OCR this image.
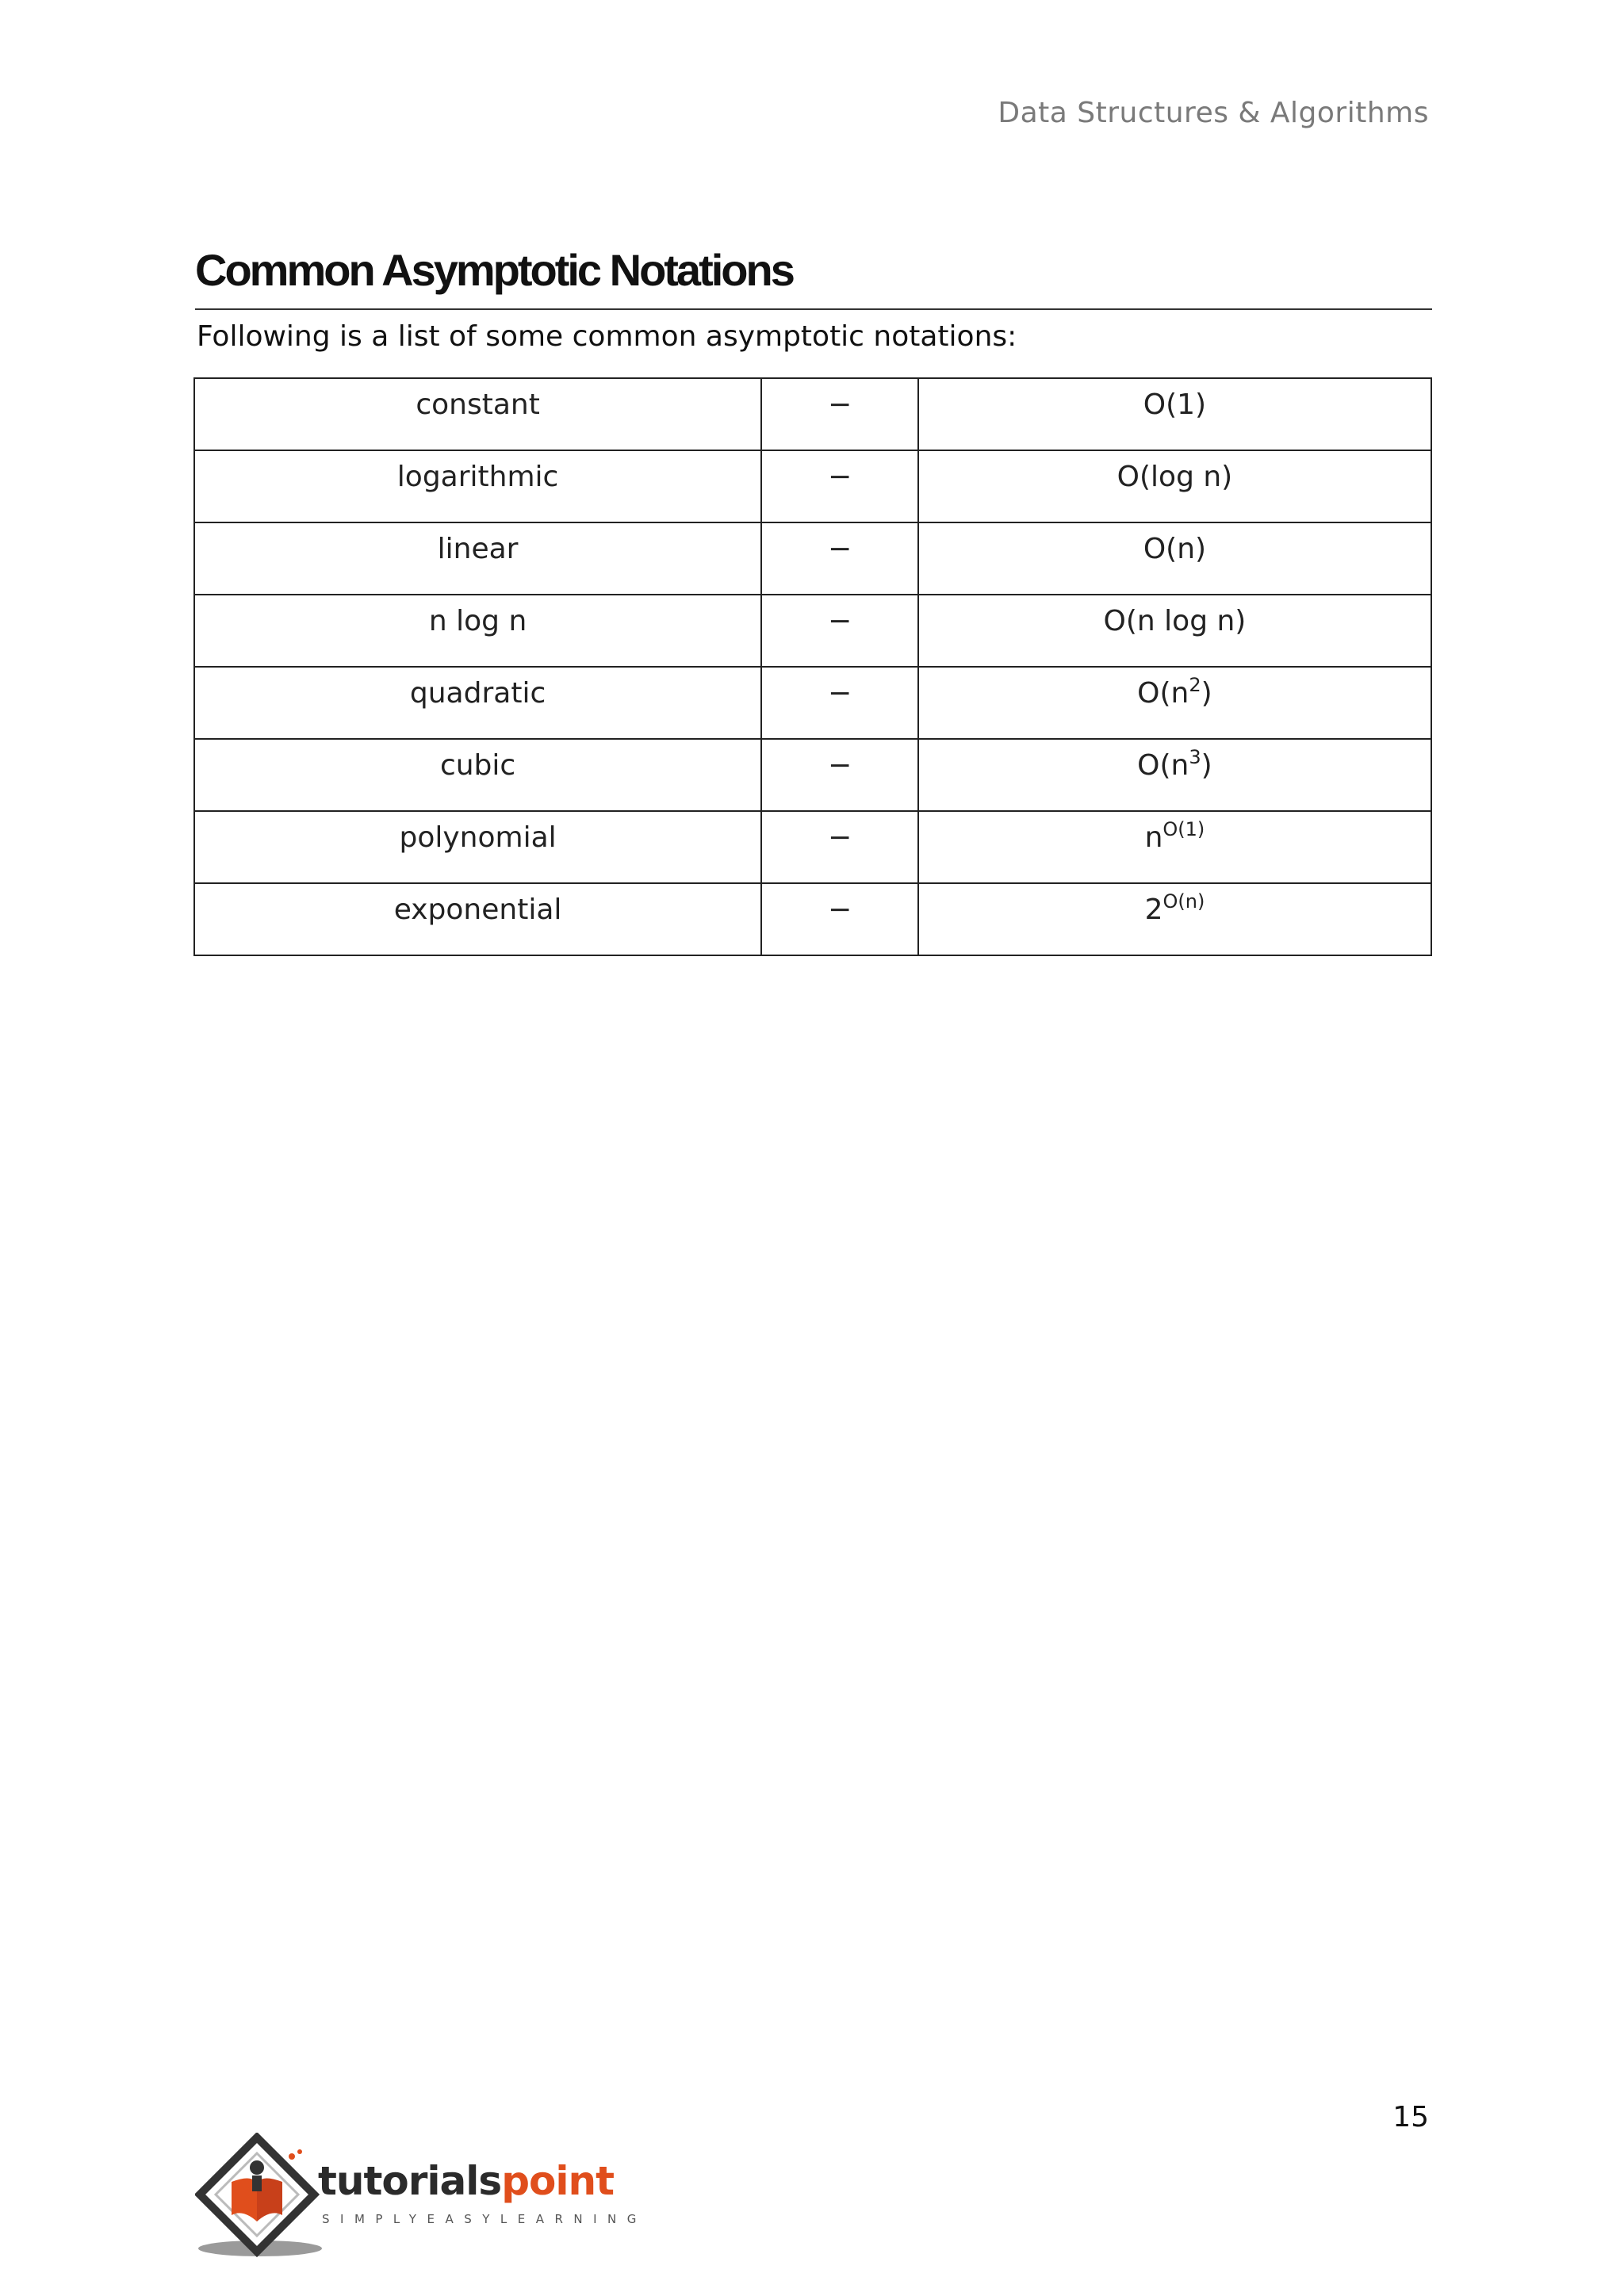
Data Structures & Algorithms
Common Asymptotic Notations
Following is a list of some common asymptotic notations:
constant	−	O(1)
logarithmic	−	O(log n)
linear	−	O(n)
n log n	−	O(n log n)
quadratic	−	$O(n^2)$
cubic	−	$O(n^3)$
polynomial	−	$n^{O(1)}$
exponential	−	$2^{O(n)}$
15
tutorialspoint
SIMPLYEASYLEARNING
